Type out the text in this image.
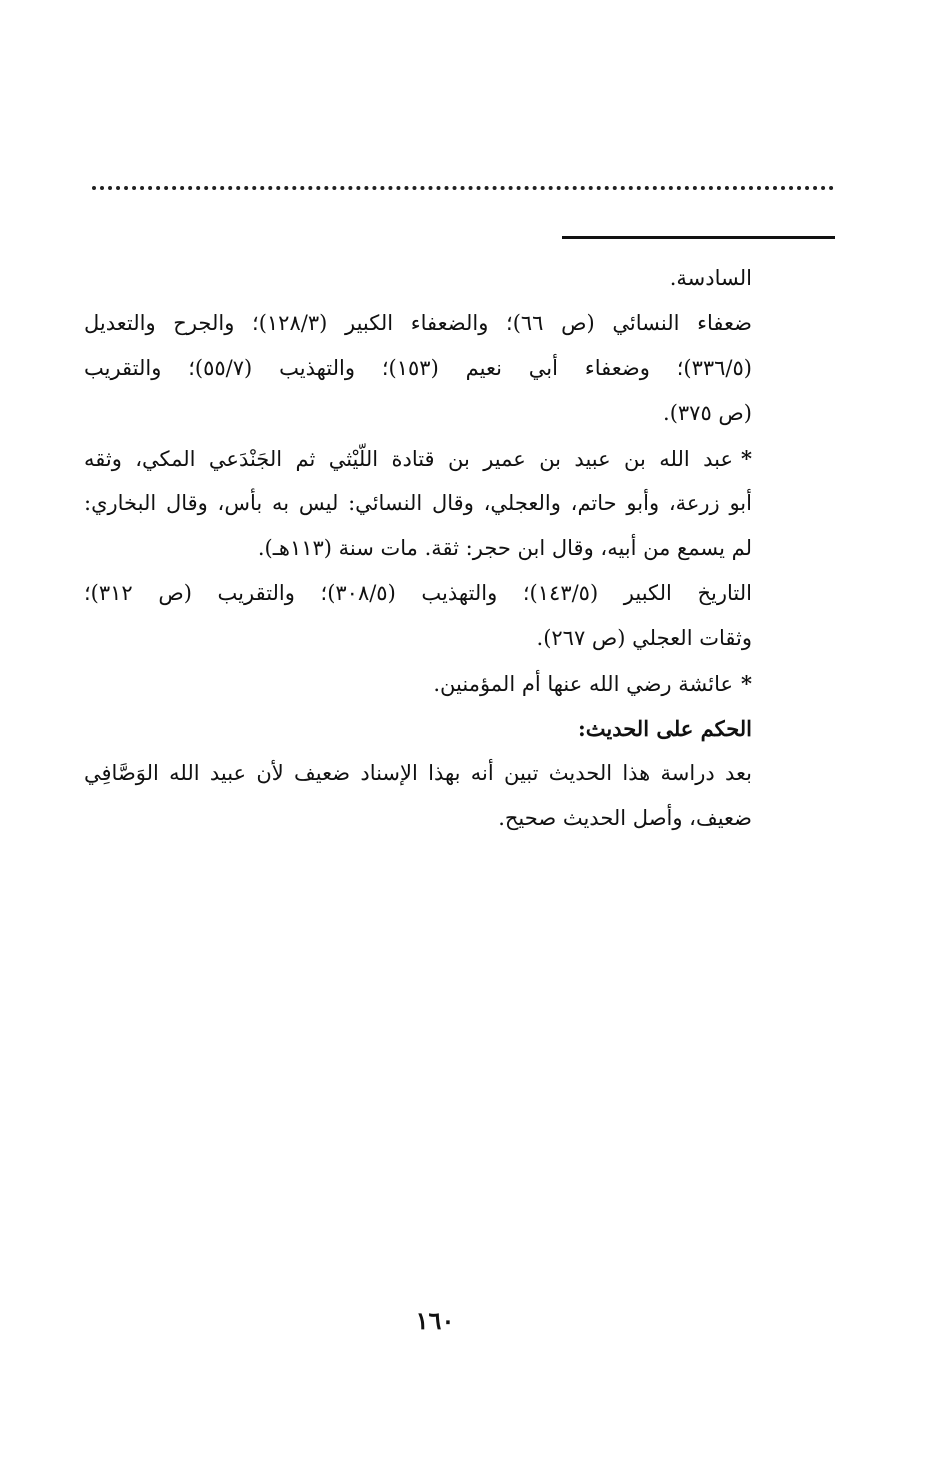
السادسة.
ضعفاء النسائي (ص ٦٦)؛ والضعفاء الكبير (١٢٨/٣)؛ والجرح والتعديل
(٣٣٦/٥)؛ وضعفاء أبي نعيم (١٥٣)؛ والتهذيب (٥٥/٧)؛ والتقريب
(ص ٣٧٥).
*عبد الله بن عبيد بن عمير بن قتادة اللّيْثي ثم الجَنْدَعي المكي، وثقه
أبو زرعة، وأبو حاتم، والعجلي، وقال النسائي: ليس به بأس، وقال البخاري:
لم يسمع من أبيه، وقال ابن حجر: ثقة. مات سنة (١١٣هـ).
التاريخ الكبير (١٤٣/٥)؛ والتهذيب (٣٠٨/٥)؛ والتقريب (ص ٣١٢)؛
وثقات العجلي (ص ٢٦٧).
*عائشة رضي الله عنها أم المؤمنين.
الحكم على الحديث:
بعد دراسة هذا الحديث تبين أنه بهذا الإسناد ضعيف لأن عبيد الله الوَصَّافِي
ضعيف، وأصل الحديث صحيح.
١٦٠
